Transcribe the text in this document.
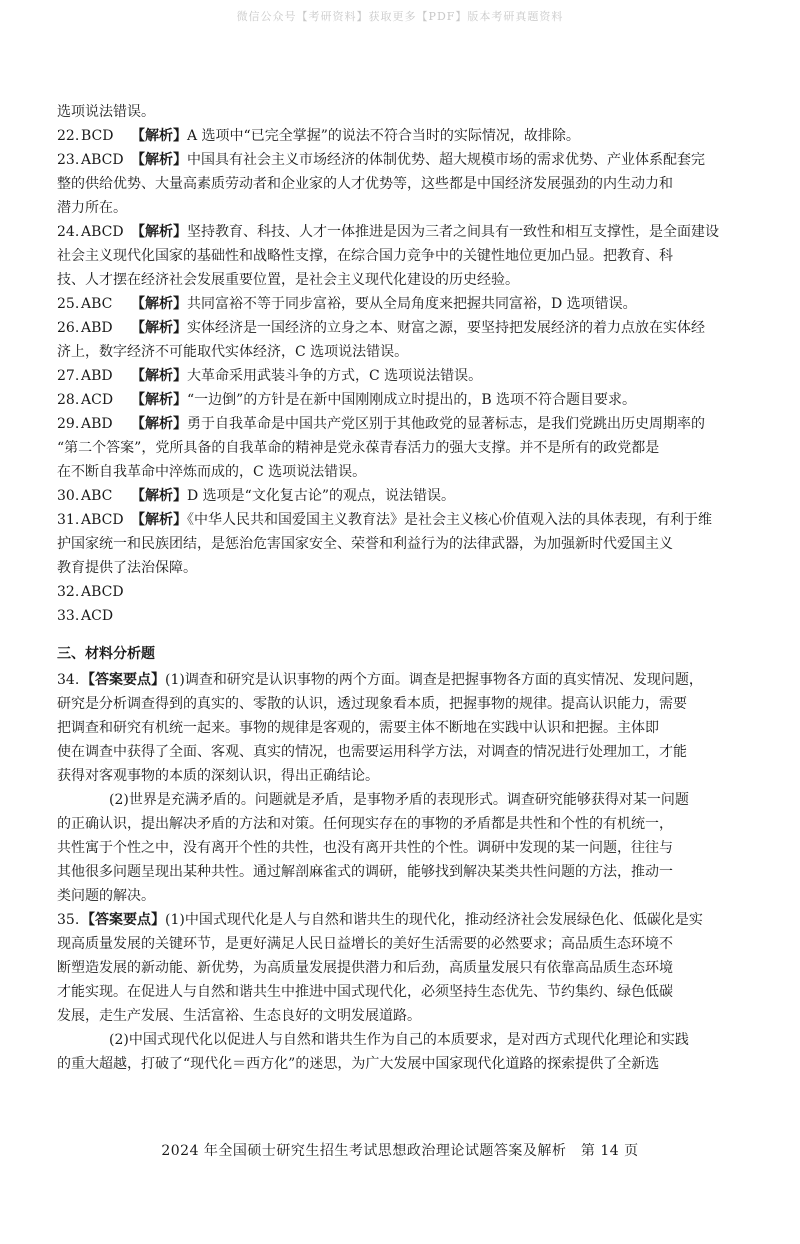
微信公众号【考研资料】获取更多【PDF】版本考研真题资料
选项说法错误。
22. BCD 【解析】A 选项中“已完全掌握”的说法不符合当时的实际情况，故排除。
23. ABCD 【解析】中国具有社会主义市场经济的体制优势、超大规模市场的需求优势、产业体系配套完
整的供给优势、大量高素质劳动者和企业家的人才优势等，这些都是中国经济发展强劲的内生动力和
潜力所在。
24. ABCD 【解析】坚持教育、科技、人才一体推进是因为三者之间具有一致性和相互支撑性，是全面建设
社会主义现代化国家的基础性和战略性支撑，在综合国力竞争中的关键性地位更加凸显。把教育、科
技、人才摆在经济社会发展重要位置，是社会主义现代化建设的历史经验。
25. ABC 【解析】共同富裕不等于同步富裕，要从全局角度来把握共同富裕，D 选项错误。
26. ABD 【解析】实体经济是一国经济的立身之本、财富之源，要坚持把发展经济的着力点放在实体经
济上，数字经济不可能取代实体经济，C 选项说法错误。
27. ABD 【解析】大革命采用武装斗争的方式，C 选项说法错误。
28. ACD 【解析】“一边倒”的方针是在新中国刚刚成立时提出的，B 选项不符合题目要求。
29. ABD 【解析】勇于自我革命是中国共产党区别于其他政党的显著标志，是我们党跳出历史周期率的
“第二个答案”，党所具备的自我革命的精神是党永葆青春活力的强大支撑。并不是所有的政党都是
在不断自我革命中淬炼而成的，C 选项说法错误。
30. ABC 【解析】D 选项是“文化复古论”的观点，说法错误。
31. ABCD 【解析】《中华人民共和国爱国主义教育法》是社会主义核心价值观入法的具体表现，有利于维
护国家统一和民族团结，是惩治危害国家安全、荣誉和利益行为的法律武器，为加强新时代爱国主义
教育提供了法治保障。
32. ABCD
33. ACD
三、材料分析题
34. 【答案要点】(1)调查和研究是认识事物的两个方面。调查是把握事物各方面的真实情况、发现问题，
研究是分析调查得到的真实的、零散的认识，透过现象看本质，把握事物的规律。提高认识能力，需要
把调查和研究有机统一起来。事物的规律是客观的，需要主体不断地在实践中认识和把握。主体即
使在调查中获得了全面、客观、真实的情况，也需要运用科学方法，对调查的情况进行处理加工，才能
获得对客观事物的本质的深刻认识，得出正确结论。
(2)世界是充满矛盾的。问题就是矛盾，是事物矛盾的表现形式。调查研究能够获得对某一问题
的正确认识，提出解决矛盾的方法和对策。任何现实存在的事物的矛盾都是共性和个性的有机统一，
共性寓于个性之中，没有离开个性的共性，也没有离开共性的个性。调研中发现的某一问题，往往与
其他很多问题呈现出某种共性。通过解剖麻雀式的调研，能够找到解决某类共性问题的方法，推动一
类问题的解决。
35. 【答案要点】(1)中国式现代化是人与自然和谐共生的现代化，推动经济社会发展绿色化、低碳化是实
现高质量发展的关键环节，是更好满足人民日益增长的美好生活需要的必然要求；高品质生态环境不
断塑造发展的新动能、新优势，为高质量发展提供潜力和后劲，高质量发展只有依靠高品质生态环境
才能实现。在促进人与自然和谐共生中推进中国式现代化，必须坚持生态优先、节约集约、绿色低碳
发展，走生产发展、生活富裕、生态良好的文明发展道路。
(2)中国式现代化以促进人与自然和谐共生作为自己的本质要求，是对西方式现代化理论和实践
的重大超越，打破了“现代化＝西方化”的迷思，为广大发展中国家现代化道路的探索提供了全新选
2024 年全国硕士研究生招生考试思想政治理论试题答案及解析　第 14 页
